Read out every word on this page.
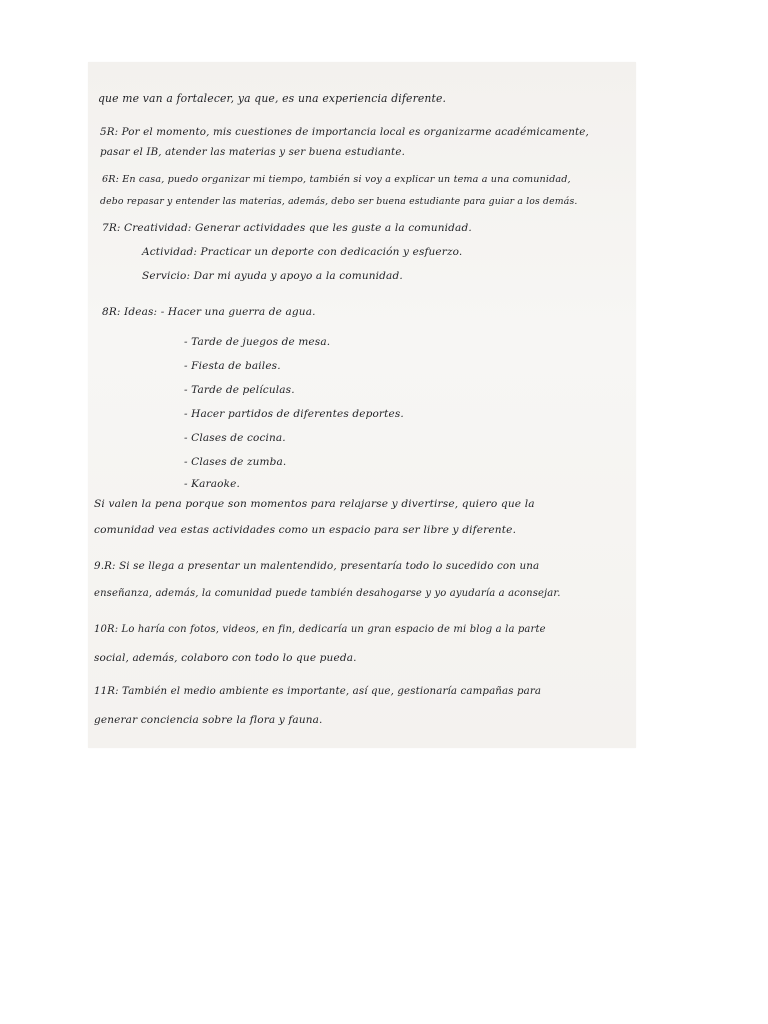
que me van a fortalecer, ya que, es una experiencia diferente.
5R: Por el momento, mis cuestiones de importancia local es organizarme académicamente,
pasar el IB, atender las materias y ser buena estudiante.
6R: En casa, puedo organizar mi tiempo, también si voy a explicar un tema a una comunidad,
debo repasar y entender las materias, además, debo ser buena estudiante para guiar a los demás.
7R: Creatividad: Generar actividades que les guste a la comunidad.
Actividad: Practicar un deporte con dedicación y esfuerzo.
Servicio: Dar mi ayuda y apoyo a la comunidad.
8R: Ideas: - Hacer una guerra de agua.
- Tarde de juegos de mesa.
- Fiesta de bailes.
- Tarde de películas.
- Hacer partidos de diferentes deportes.
- Clases de cocina.
- Clases de zumba.
- Karaoke.
Si valen la pena porque son momentos para relajarse y divertirse, quiero que la
comunidad vea estas actividades como un espacio para ser libre y diferente.
9.R: Si se llega a presentar un malentendido, presentaría todo lo sucedido con una
enseñanza, además, la comunidad puede también desahogarse y yo ayudaría a aconsejar.
10R: Lo haría con fotos, videos, en fin, dedicaría un gran espacio de mi blog a la parte
social, además, colaboro con todo lo que pueda.
11R: También el medio ambiente es importante, así que, gestionaría campañas para
generar conciencia sobre la flora y fauna.
